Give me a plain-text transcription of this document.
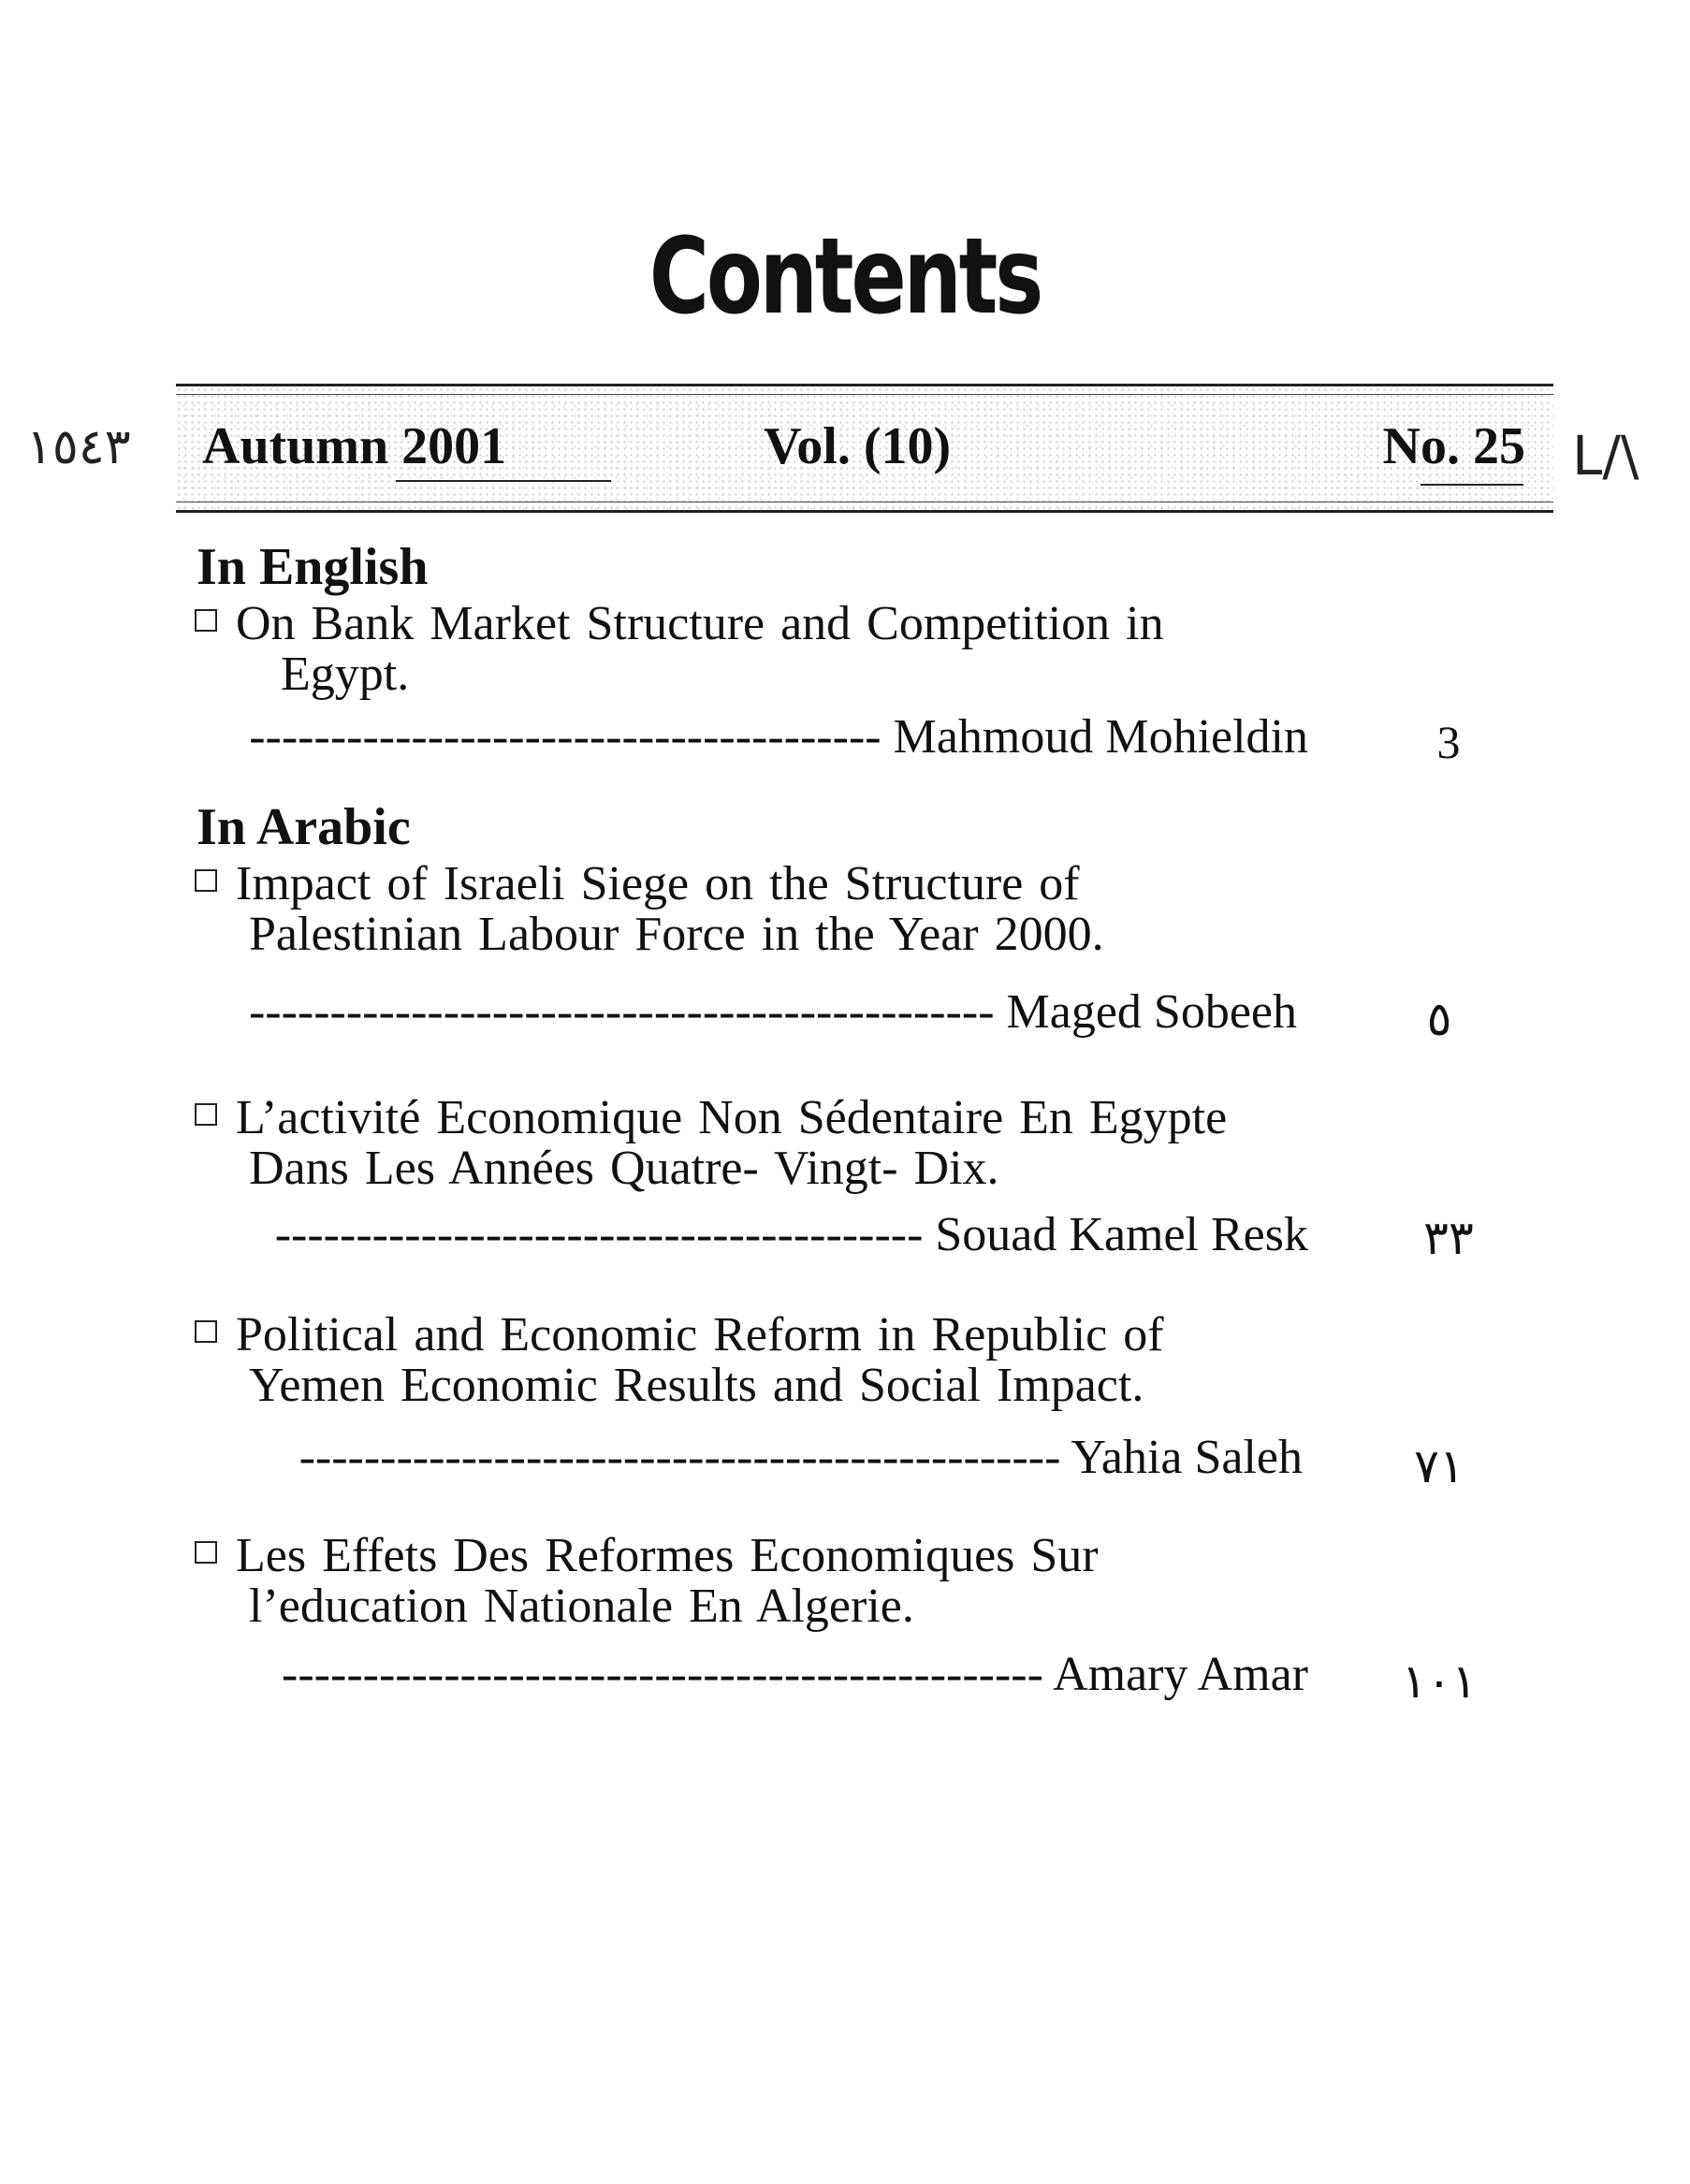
Contents
١٥٤٣	L/\
Autumn 2001	Vol. (10)	No. 25
In English
On Bank Market Structure and Competition in
Egypt.
--------------------------------------- Mahmoud Mohieldin	3
In Arabic
Impact of Israeli Siege on the Structure of
Palestinian Labour Force in the Year 2000.
---------------------------------------------- Maged Sobeeh	٥
L’activité Economique Non Sédentaire En Egypte
Dans Les Années Quatre- Vingt- Dix.
---------------------------------------- Souad Kamel Resk	٣٣
Political and Economic Reform in Republic of
Yemen Economic Results and Social Impact.
----------------------------------------------- Yahia Saleh	٧١
Les Effets Des Reformes Economiques Sur
l’education Nationale En Algerie.
----------------------------------------------- Amary Amar	١٠١
